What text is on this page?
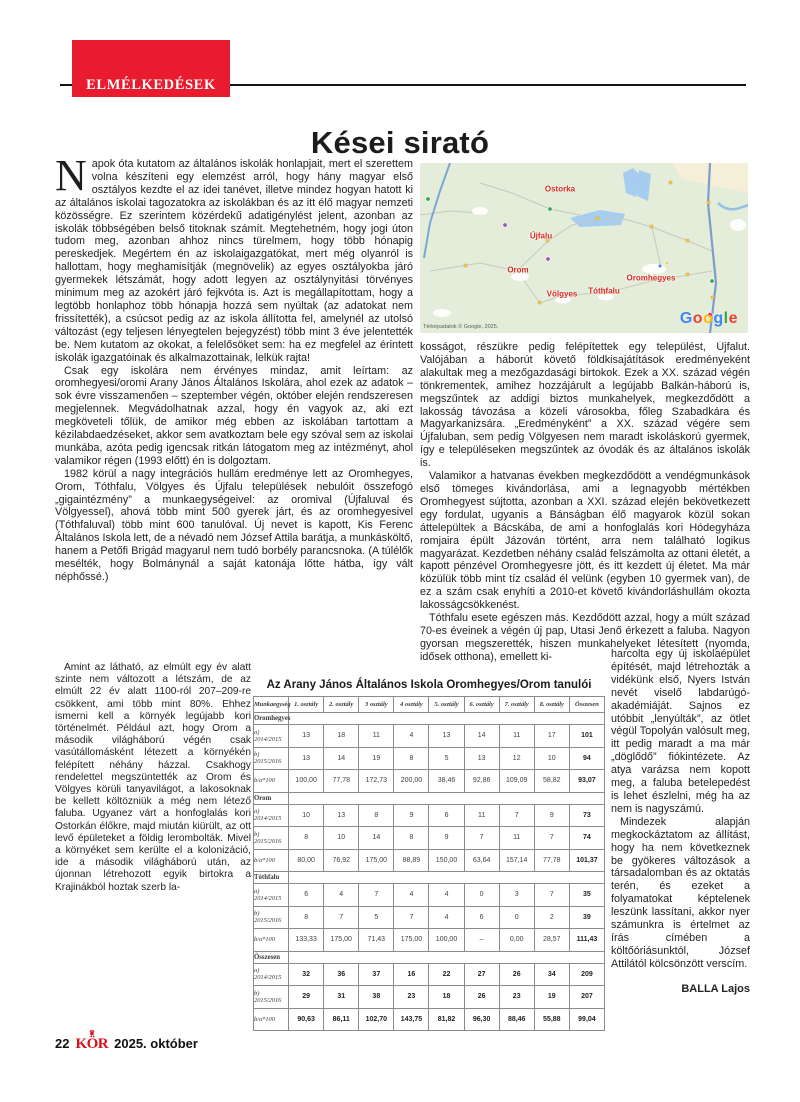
ELMÉLKEDÉSEK
Kései sirató

Napok óta kutatom az általános iskolák honlapjait, mert el szerettem volna készíteni egy elemzést arról, hogy hány magyar első osztályos kezdte el az idei tanévet, illetve mindez hogyan hatott ki az általános iskolai tagozatokra az iskolákban és az itt élő magyar nemzeti közösségre. Ez szerintem közérdekű adatigénylést jelent, azonban az iskolák többségében belső titoknak számít. Megtehetném, hogy jogi úton tudom meg, azonban ahhoz nincs türelmem, hogy több hónapig pereskedjek. Megértem én az iskolaigazgatókat, mert még olyanról is hallottam, hogy meghamisítják (megnövelik) az egyes osztályokba járó gyermekek létszámát, hogy adott legyen az osztálynyitási törvényes minimum meg az azokért járó fejkvóta is. Azt is megállapítottam, hogy a legtöbb honlaphoz több hónapja hozzá sem nyúltak (az adatokat nem frissítették), a csúcsot pedig az az iskola állította fel, amelynél az utolsó változást (egy teljesen lényegtelen bejegyzést) több mint 3 éve jelentették be. Nem kutatom az okokat, a felelősöket sem: ha ez megfelel az érintett iskolák igazgatóinak és alkalmazottainak, lelkük rajta!

Csak egy iskolára nem érvényes mindaz, amit leírtam: az oromhegyesi/oromi Arany János Általános Iskolára, ahol ezek az adatok – sok évre visszamenően – szeptember végén, október elején rendszeresen megjelennek. Megvádolhatnak azzal, hogy én vagyok az, aki ezt megköveteli tőlük, de amikor még ebben az iskolában tartottam a kézilabdaedzéseket, akkor sem avatkoztam bele egy szóval sem az iskolai munkába, azóta pedig igencsak ritkán látogatom meg az intézményt, ahol valamikor régen (1993 előtt) én is dolgoztam.

1982 körül a nagy integrációs hullám eredménye lett az Oromhegyes, Orom, Tóthfalu, Völgyes és Újfalu települések nebulóit összefogó „gigaintézmény” a munkaegységeivel: az oromival (Újfaluval és Völgyessel), ahová több mint 500 gyerek járt, és az oromhegyesivel (Tóthfaluval) több mint 600 tanulóval. Új nevet is kapott, Kis Ferenc Általános Iskola lett, de a névadó nem József Attila barátja, a munkásköltő, hanem a Petőfi Brigád magyarul nem tudó borbély parancsnoka. (A túlélők mesélték, hogy Bolmánynál a saját katonája lőtte hátba, így vált néphőssé.)

Ostorka
Újfalu
Orom
Völgyes Tóthfalu
Oromhegyes
Térképadatok © Google, 2025.	Google

kosságot, részükre pedig felépítettek egy települést, Újfalut. Valójában a háborút követő földkisajátítások eredményeként alakultak meg a mezőgazdasági birtokok. Ezek a XX. század végén tönkrementek, amihez hozzájárult a legújabb Balkán-háború is, megszűntek az addigi biztos munkahelyek, megkezdődött a lakosság távozása a közeli városokba, főleg Szabadkára és Magyarkanizsára. „Eredményként” a XX. század végére sem Újfaluban, sem pedig Völgyesen nem maradt iskoláskorú gyermek, így e településeken megszűntek az óvodák és az általános iskolák is.

Valamikor a hatvanas években megkezdődött a vendégmunkások első tömeges kivándorlása, ami a legnagyobb mértékben Oromhegyest sújtotta, azonban a XXI. század elején bekövetkezett egy fordulat, ugyanis a Bánságban élő magyarok közül sokan áttelepültek a Bácskába, de ami a honfoglalás kori Hódegyháza romjaira épült Jázován történt, arra nem található logikus magyarázat. Kezdetben néhány család felszámolta az ottani életét, a kapott pénzével Oromhegyesre jött, és itt kezdett új életet. Ma már közülük több mint tíz család él velünk (egyben 10 gyermek van), de ez a szám csak enyhíti a 2010-et követő kivándorláshullám okozta lakosságcsökkenést.

Tóthfalu esete egészen más. Kezdődött azzal, hogy a múlt század 70-es éveinek a végén új pap, Utasi Jenő érkezett a faluba. Nagyon gyorsan megszerették, hiszen munkahelyeket létesített (nyomda, idősek otthona), emellett ki-

Amint az látható, az elmúlt egy év alatt szinte nem változott a létszám, de az elmúlt 22 év alatt 1100-ról 207–209-re csökkent, ami több mint 80%. Ehhez ismerni kell a környék legújabb kori történelmét. Például azt, hogy Orom a második világháború végén csak vasútállomásként létezett a környékén felépített néhány házzal. Csakhogy rendelettel megszüntették az Orom és Völgyes körüli tanyavilágot, a lakosoknak be kellett költözniük a még nem létező faluba. Ugyanez várt a honfoglalás kori Ostorkán élőkre, majd miután kiürült, az ott levő épületeket a földig lerombolták. Mivel a környéket sem kerülte el a kolonizáció, ide a második világháború után, az újonnan létrehozott egyik birtokra a Krajinákból hoztak szerb la-

Az Arany János Általános Iskola Oromhegyes/Orom tanulói
Munkaegység	1. osztály	2. osztály	3 osztály	4 osztály	5. osztály	6. osztály	7. osztály	8. osztály	Összesen
Oromhegyes									
a) 2014/2015	13	18	11	4	13	14	11	17	101
b) 2015/2016	13	14	19	8	5	13	12	10	94
b/a*100	100,00	77,78	172,73	200,00	38,46	92,86	109,09	58,82	93,07
Orom									
a) 2014/2015	10	13	8	9	6	11	7	9	73
b) 2015/2016	8	10	14	8	9	7	11	7	74
b/a*100	80,00	76,92	175,00	88,89	150,00	63,64	157,14	77,78	101,37
Tóthfalu									
a) 2014/2015	6	4	7	4	4	0	3	7	35
b) 2015/2016	8	7	5	7	4	6	0	2	39
b/a*100	133,33	175,00	71,43	175,00	100,00	–	0,00	28,57	111,43
Összesen									
a) 2014/2015	32	36	37	16	22	27	26	34	209
b) 2015/2016	29	31	38	23	18	26	23	19	207
b/a*100	90,63	86,11	102,70	143,75	81,82	96,30	88,46	55,88	99,04

harcolta egy új iskolaépület építését, majd létrehozták a vidékünk első, Nyers István nevét viselő labdarúgó-akadémiáját. Sajnos ez utóbbit „lenyúlták”, az ötlet végül Topolyán valósult meg, itt pedig maradt a ma már „döglődő” fiókintézete. Az atya varázsa nem kopott meg, a faluba betelepedést is lehet észlelni, még ha az nem is nagyszámú.

Mindezek alapján megkockáztatom az állítást, hogy ha nem következnek be gyökeres változások a társadalomban és az oktatás terén, és ezeket a folyamatokat képtelenek leszünk lassítani, akkor nyer számunkra is értelmet az írás címében a költőóriásunktól, József Attilától kölcsönzött verscím.

BALLA Lajos
22 ♛ KÖR 2025. október
